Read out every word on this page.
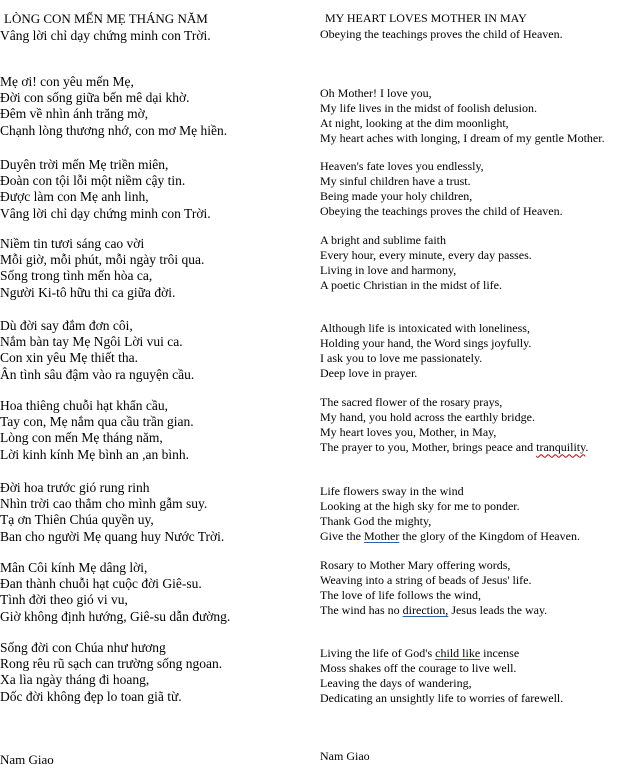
LÒNG CON MẾN MẸ THÁNG NĂM
Vâng lời chỉ dạy chứng minh con Trời.
Mẹ ơi! con yêu mến Mẹ,
Đời con sống giữa bến mê dại khờ.
Đêm về nhìn ánh trăng mờ,
Chạnh lòng thương nhớ, con mơ Mẹ hiền.
Duyên trời mến Mẹ triền miên,
Đoàn con tội lỗi một niềm cậy tin.
Được làm con Mẹ anh linh,
Vâng lời chỉ dạy chứng minh con Trời.
Niềm tin tươi sáng cao vời
Mỗi giờ, mỗi phút, mỗi ngày trôi qua.
Sống trong tình mến hòa ca,
Người Ki-tô hữu thi ca giữa đời.
Dù đời say đắm đơn côi,
Nắm bàn tay Mẹ Ngôi Lời vui ca.
Con xin yêu Mẹ thiết tha.
Ân tình sâu đậm vào ra nguyện cầu.
Hoa thiêng chuỗi hạt khẩn cầu,
Tay con, Mẹ nắm qua cầu trần gian.
Lòng con mến Mẹ tháng năm,
Lời kinh kính Mẹ bình an ,an bình.
Đời hoa trước gió rung rinh
Nhìn trời cao thẳm cho mình gẫm suy.
Tạ ơn Thiên Chúa quyền uy,
Ban cho người Mẹ quang huy Nước Trời.
Mân Côi kính Mẹ dâng lời,
Đan thành chuỗi hạt cuộc đời Giê-su.
Tình đời theo gió vi vu,
Giờ không định hướng, Giê-su dẫn đường.
Sống đời con Chúa như hương
Rong rêu rũ sạch can trường sống ngoan.
Xa lìa ngày tháng đi hoang,
Dốc đời không đẹp lo toan giã từ.
Nam Giao
MY HEART LOVES MOTHER IN MAY
Obeying the teachings proves the child of Heaven.
Oh Mother! I love you,
My life lives in the midst of foolish delusion.
At night, looking at the dim moonlight,
My heart aches with longing, I dream of my gentle Mother.
Heaven's fate loves you endlessly,
My sinful children have a trust.
Being made your holy children,
Obeying the teachings proves the child of Heaven.
A bright and sublime faith
Every hour, every minute, every day passes.
Living in love and harmony,
A poetic Christian in the midst of life.
Although life is intoxicated with loneliness,
Holding your hand, the Word sings joyfully.
I ask you to love me passionately.
Deep love in prayer.
The sacred flower of the rosary prays,
My hand, you hold across the earthly bridge.
My heart loves you, Mother, in May,
The prayer to you, Mother, brings peace and tranquility.
Life flowers sway in the wind
Looking at the high sky for me to ponder.
Thank God the mighty,
Give the Mother the glory of the Kingdom of Heaven.
Rosary to Mother Mary offering words,
Weaving into a string of beads of Jesus' life.
The love of life follows the wind,
The wind has no direction, Jesus leads the way.
Living the life of God's child like incense
Moss shakes off the courage to live well.
Leaving the days of wandering,
Dedicating an unsightly life to worries of farewell.
Nam Giao
